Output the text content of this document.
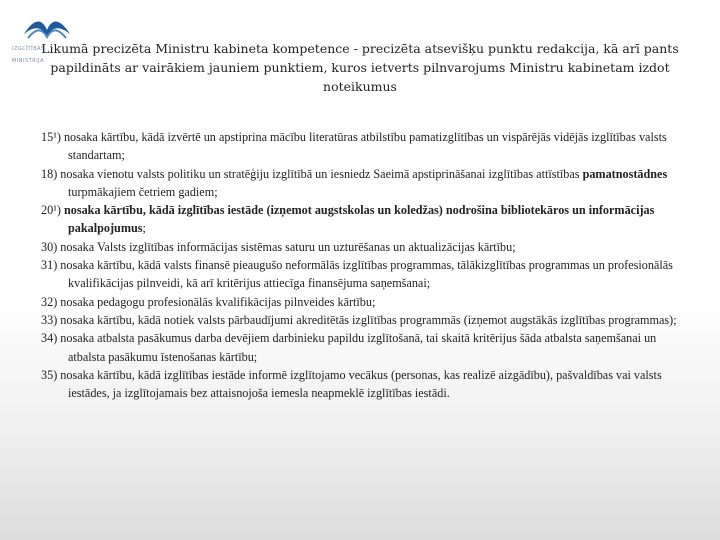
IZGLĪTĪBAS
MINISTRIJA
Likumā precizēta Ministru kabineta kompetence - precizēta atsevišķu punktu redakcija, kā arī pants papildināts ar vairākiem jauniem punktiem, kuros ietverts pilnvarojums Ministru kabinetam izdot noteikumus
15¹) nosaka kārtību, kādā izvērtē un apstiprina mācību literatūras atbilstību pamatizglītības un vispārējās vidējās izglītības valsts standartam;
18) nosaka vienotu valsts politiku un stratēģiju izglītībā un iesniedz Saeimā apstiprināšanai izglītības attīstības pamatnostādnes turpmākajiem četriem gadiem;
20¹) nosaka kārtību, kādā izglītības iestāde (izņemot augstskolas un koledžas) nodrošina bibliotekāros un informācijas pakalpojumus;
30) nosaka Valsts izglītības informācijas sistēmas saturu un uzturēšanas un aktualizācijas kārtību;
31) nosaka kārtību, kādā valsts finansē pieaugušo neformālās izglītības programmas, tālākizglītības programmas un profesionālās kvalifikācijas pilnveidi, kā arī kritērijus attiecīga finansējuma saņemšanai;
32) nosaka pedagogu profesionālās kvalifikācijas pilnveides kārtību;
33) nosaka kārtību, kādā notiek valsts pārbaudījumi akreditētās izglītības programmās (izņemot augstākās izglītības programmas);
34) nosaka atbalsta pasākumus darba devējiem darbinieku papildu izglītošanā, tai skaitā kritērijus šāda atbalsta saņemšanai un atbalsta pasākumu īstenošanas kārtību;
35) nosaka kārtību, kādā izglītības iestāde informē izglītojamo vecākus (personas, kas realizē aizgādību), pašvaldības vai valsts iestādes, ja izglītojamais bez attaisnojoša iemesla neapmeklē izglītības iestādi.
